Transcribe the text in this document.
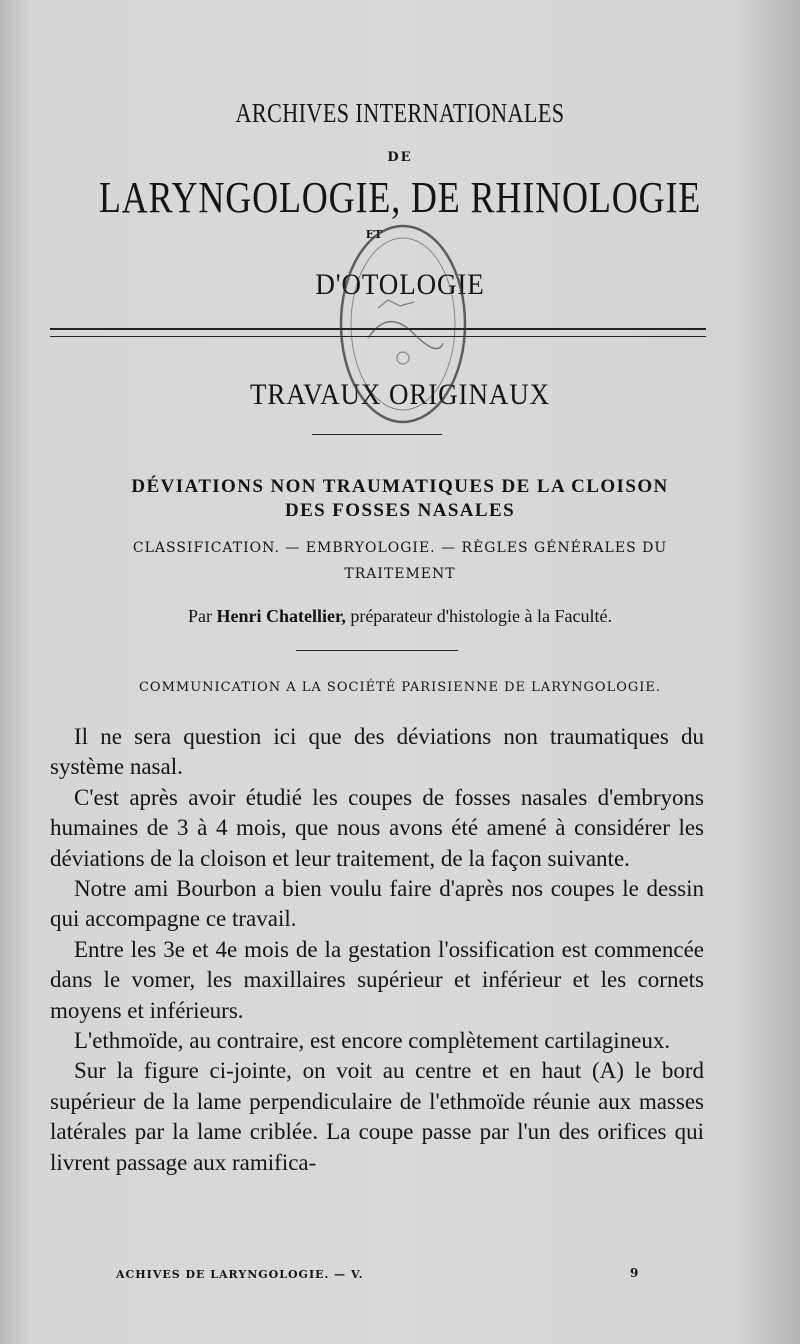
ARCHIVES INTERNATIONALES
DE
LARYNGOLOGIE, DE RHINOLOGIE
ET
D'OTOLOGIE
TRAVAUX ORIGINAUX
DÉVIATIONS NON TRAUMATIQUES DE LA CLOISON
DES FOSSES NASALES
CLASSIFICATION. — EMBRYOLOGIE. — RÈGLES GÉNÉRALES DU
TRAITEMENT
Par Henri Chatellier, préparateur d'histologie à la Faculté.
COMMUNICATION A LA SOCIÉTÉ PARISIENNE DE LARYNGOLOGIE.

Il ne sera question ici que des déviations non traumatiques du système nasal.

C'est après avoir étudié les coupes de fosses nasales d'embryons humaines de 3 à 4 mois, que nous avons été amené à considérer les déviations de la cloison et leur traitement, de la façon suivante.

Notre ami Bourbon a bien voulu faire d'après nos coupes le dessin qui accompagne ce travail.

Entre les 3e et 4e mois de la gestation l'ossification est commencée dans le vomer, les maxillaires supérieur et inférieur et les cornets moyens et inférieurs.

L'ethmoïde, au contraire, est encore complètement cartilagineux.

Sur la figure ci-jointe, on voit au centre et en haut (A) le bord supérieur de la lame perpendiculaire de l'ethmoïde réunie aux masses latérales par la lame criblée. La coupe passe par l'un des orifices qui livrent passage aux ramifica-

ACHIVES DE LARYNGOLOGIE. — V.	9
